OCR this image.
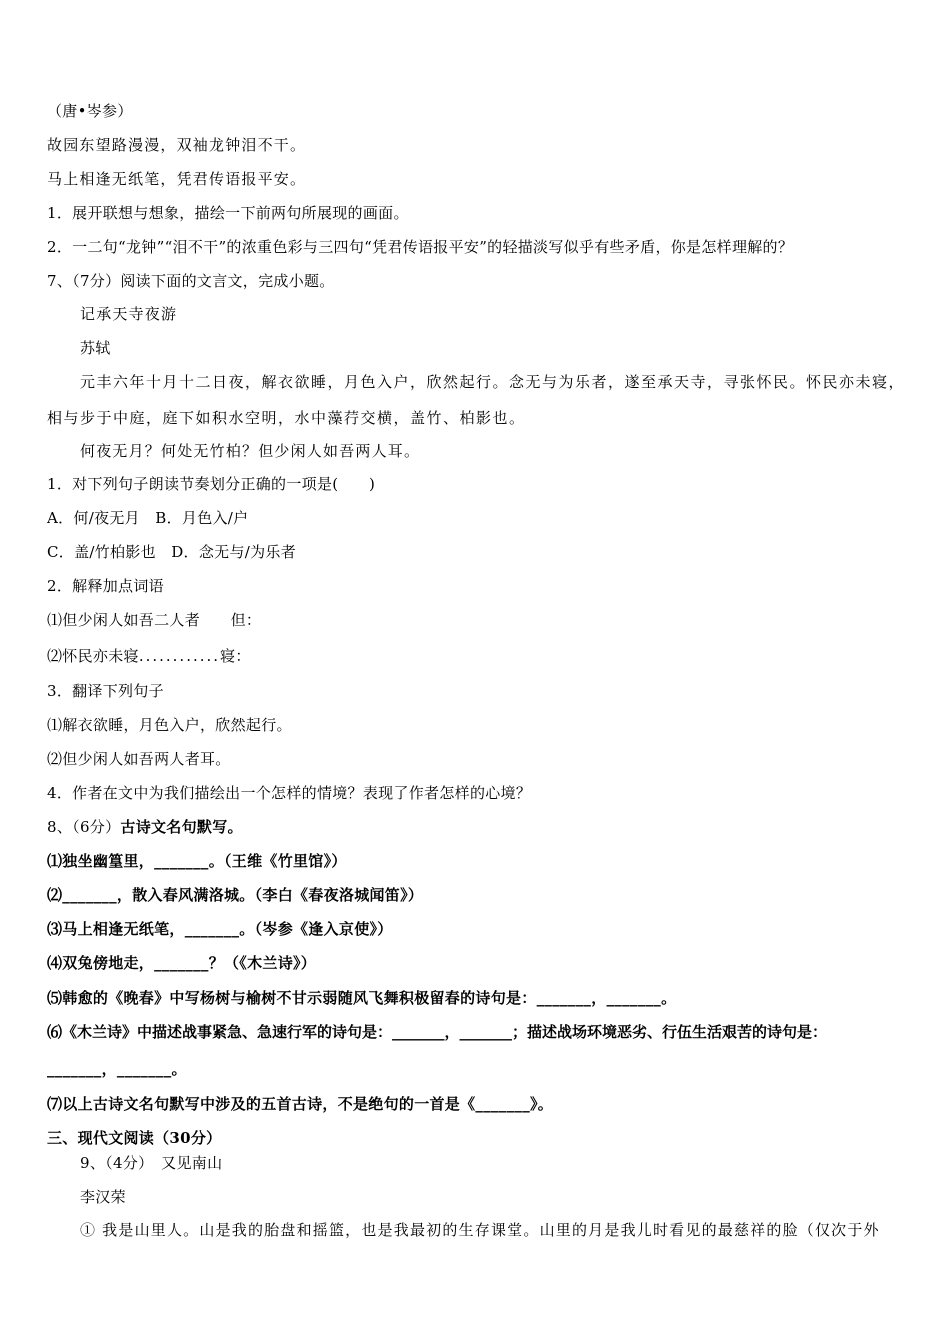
（唐•岑参）
故园东望路漫漫，双袖龙钟泪不干。
马上相逢无纸笔，凭君传语报平安。
1．展开联想与想象，描绘一下前两句所展现的画面。
2．一二句“龙钟”“泪不干”的浓重色彩与三四句“凭君传语报平安”的轻描淡写似乎有些矛盾，你是怎样理解的？
7、（7分）阅读下面的文言文，完成小题。
记承天寺夜游
苏轼
元丰六年十月十二日夜，解衣欲睡，月色入户，欣然起行。念无与为乐者，遂至承天寺，寻张怀民。怀民亦未寝，
相与步于中庭，庭下如积水空明，水中藻荇交横，盖竹、柏影也。
何夜无月？何处无竹柏？但少闲人如吾两人耳。
1．对下列句子朗读节奏划分正确的一项是(　　)
A．何/夜无月　B．月色入/户
C．盖/竹柏影也　D．念无与/为乐者
2．解释加点词语
⑴但少闲人如吾二人者　　但：
⑵怀民亦未寝............寝：
3．翻译下列句子
⑴解衣欲睡，月色入户，欣然起行。
⑵但少闲人如吾两人者耳。
4．作者在文中为我们描绘出一个怎样的情境？表现了作者怎样的心境？
8、（6分）古诗文名句默写。
⑴独坐幽篁里，_______。（王维《竹里馆》）
⑵_______，散入春风满洛城。（李白《春夜洛城闻笛》）
⑶马上相逢无纸笔，_______。（岑参《逢入京使》）
⑷双兔傍地走，_______？（《木兰诗》）
⑸韩愈的《晚春》中写杨树与榆树不甘示弱随风飞舞积极留春的诗句是：_______，_______。
⑹《木兰诗》中描述战事紧急、急速行军的诗句是：_______，_______；描述战场环境恶劣、行伍生活艰苦的诗句是：
_______，_______。
⑺以上古诗文名句默写中涉及的五首古诗，不是绝句的一首是《_______》。
三、现代文阅读（30分）
9、（4分）　又见南山
李汉荣
① 我是山里人。山是我的胎盘和摇篮，也是我最初的生存课堂。山里的月是我儿时看见的最慈祥的脸（仅次于外
